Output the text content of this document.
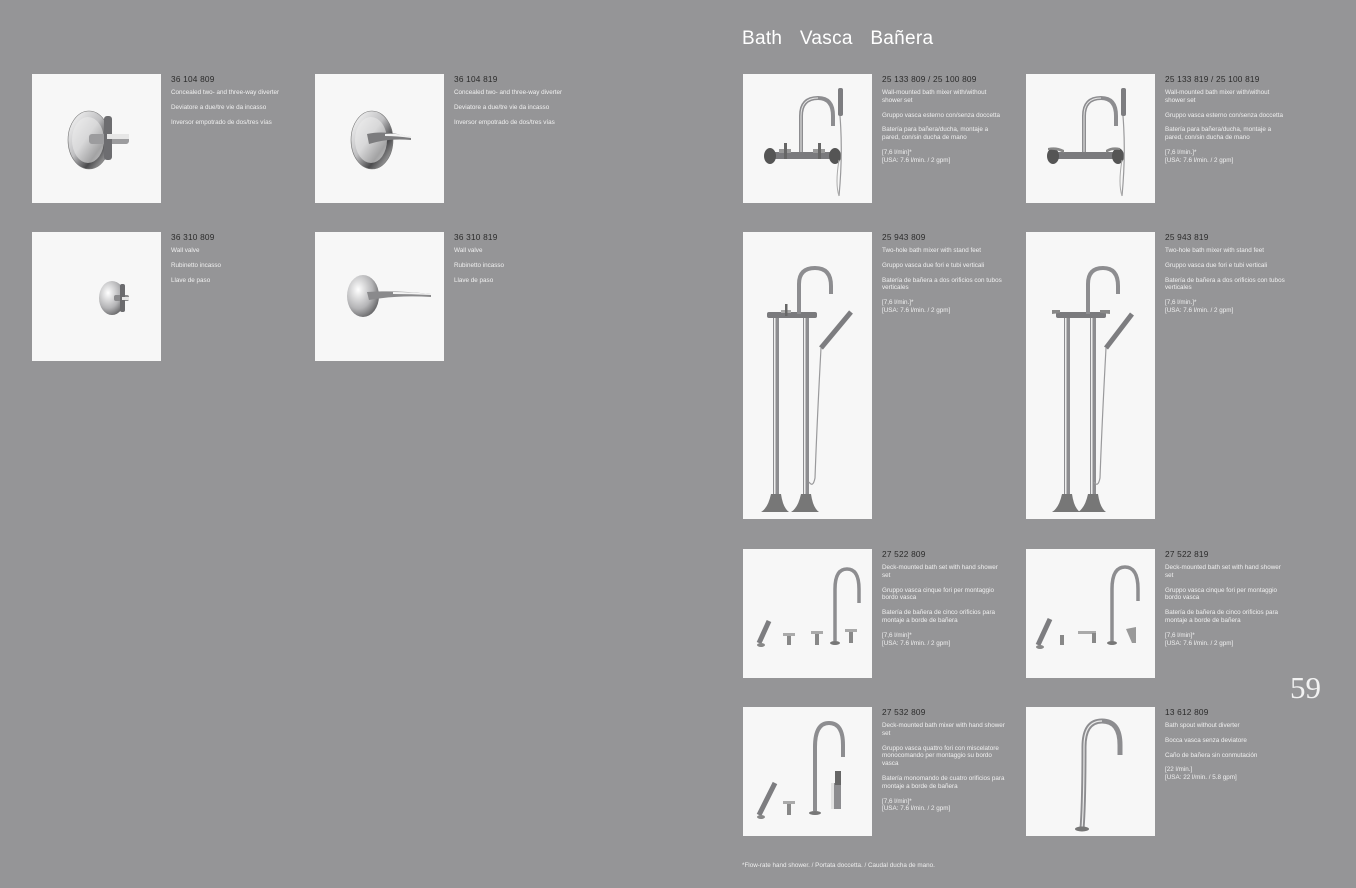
Bath Vasca Bañera
36 104 809
Concealed two- and three-way diverter
Deviatore a due/tre vie da incasso
Inversor empotrado de dos/tres vías
36 104 819
Concealed two- and three-way diverter
Deviatore a due/tre vie da incasso
Inversor empotrado de dos/tres vías
36 310 809
Wall valve
Rubinetto incasso
Llave de paso
36 310 819
Wall valve
Rubinetto incasso
Llave de paso
25 133 809 / 25 100 809
Wall-mounted bath mixer with/without shower set
Gruppo vasca esterno con/senza doccetta
Batería para bañera/ducha, montaje a pared, con/sin ducha de mano
[7,6 l/min]*
[USA: 7.6 l/min. / 2 gpm]
25 133 819 / 25 100 819
Wall-mounted bath mixer with/without shower set
Gruppo vasca esterno con/senza doccetta
Batería para bañera/ducha, montaje a pared, con/sin ducha de mano
[7,6 l/min.]*
[USA: 7.6 l/min. / 2 gpm]
25 943 809
Two-hole bath mixer with stand feet
Gruppo vasca due fori e tubi verticali
Batería de bañera a dos orificios con tubos verticales
[7,6 l/min.]*
[USA: 7.6 l/min. / 2 gpm]
25 943 819
Two-hole bath mixer with stand feet
Gruppo vasca due fori e tubi verticali
Batería de bañera a dos orificios con tubos verticales
[7,6 l/min.]*
[USA: 7.6 l/min. / 2 gpm]
27 522 809
Deck-mounted bath set with hand shower set
Gruppo vasca cinque fori per montaggio bordo vasca
Batería de bañera de cinco orificios para montaje a borde de bañera
[7,6 l/min]*
[USA: 7.6 l/min. / 2 gpm]
27 522 819
Deck-mounted bath set with hand shower set
Gruppo vasca cinque fori per montaggio bordo vasca
Batería de bañera de cinco orificios para montaje a borde de bañera
[7,6 l/min]*
[USA: 7.6 l/min. / 2 gpm]
27 532 809
Deck-mounted bath mixer with hand shower set
Gruppo vasca quattro fori con miscelatore monocomando per montaggio su bordo vasca
Batería monomando de cuatro orificios para montaje a borde de bañera
[7,6 l/min]*
[USA: 7.6 l/min. / 2 gpm]
13 612 809
Bath spout without diverter
Bocca vasca senza deviatore
Caño de bañera sin conmutación
[22 l/min.]
[USA: 22 l/min. / 5.8 gpm]
59
*Flow-rate hand shower. / Portata doccetta. / Caudal ducha de mano.
